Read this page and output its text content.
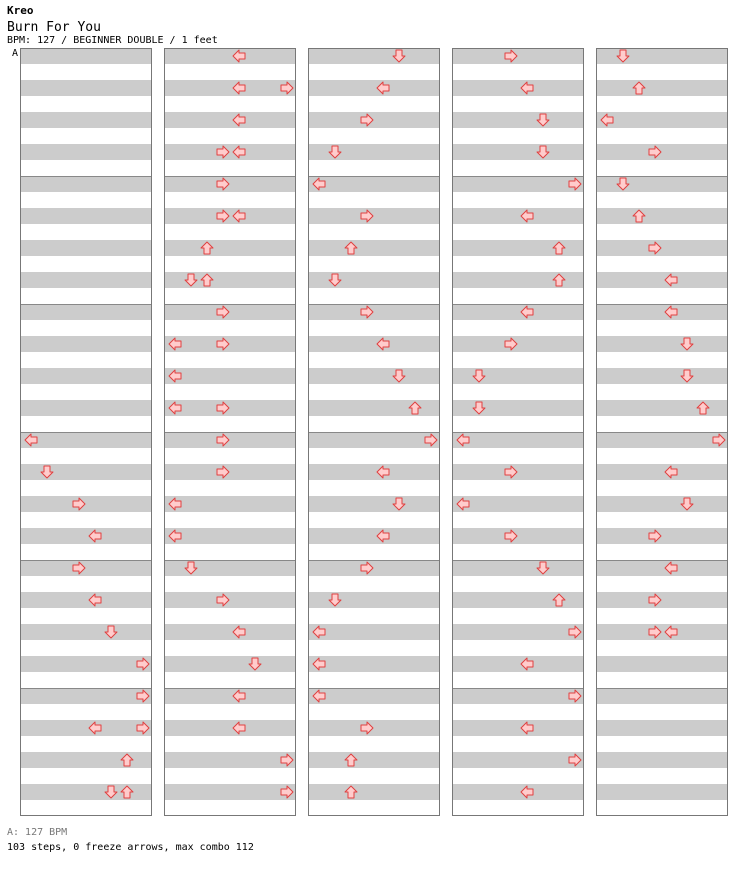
Kreo
Burn For You
BPM: 127 / BEGINNER DOUBLE / 1 feet
A
A: 127 BPM
103 steps, 0 freeze arrows, max combo 112
